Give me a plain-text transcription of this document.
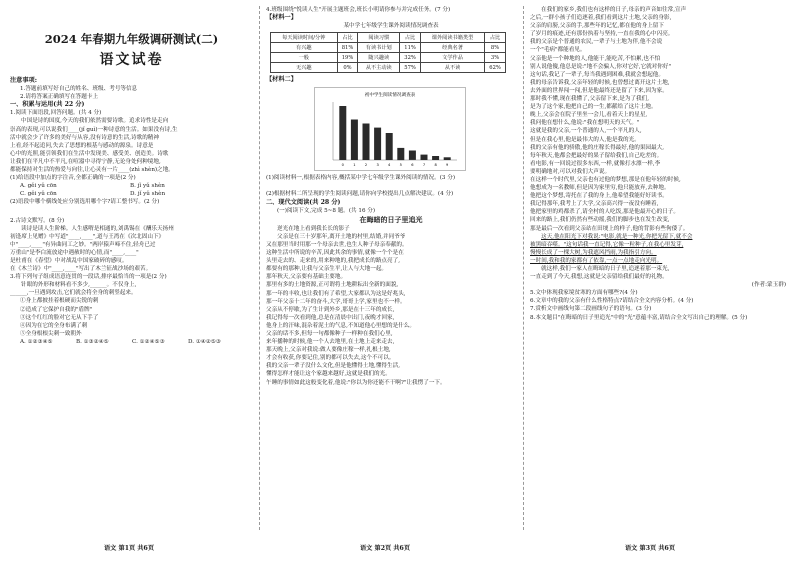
2024 年春期九年级调研测试(二)
语文试卷

注意事项:

1.答题前填写好自己的姓名、班级、考号等信息

2.请将答案正确填写在答题卡上

一、积累与运用(共 22 分)

1.阅读下面语段,回答问题。(共 4 分)

中国是诗的国度,今天的我们依然需要诗歌。追求诗性是走向

崇高的表现,可以说我们____(jǐ guì)一种诗意的生活。如果没有诗,生

活中就会少了许多的美好与从容,没有诗意的生活,诗歌的精神

上看,经不起追问,失去了思想的根基与感动的源泉。诗意是

心中的光照,能引领我们在生活中发现美、感受美、创造美。诗歌

让我们在平凡中不平凡,在喧嚣中寻得宁静,无论身处何种境地,

都能保持对生活的热爱与向往,让心灵有一片____(zhì shèn)之地。

(1)给语段中加点的字注音,全都正确的一项是(2 分)

A. gěi yǔ cōn	B. jǐ yǔ shèn
C. gěi yǔ cōn	D. jǐ yǔ shèn

(2)语段中哪个横线处应分别选用哪个字?请工整书写。(2 分)

2.古诗文默写。(8 分)

读诗是读人生阶梯。人生感喟是相通的,刘禹锡在《酬乐天扬州

初逢席上见赠》中写道"____,____",道与王湾在《次北固山下》

中"____,____"有异曲同工之妙。"两岸猿声啼不住,轻舟已过

万重山"是李白流放途中遇赦时的心情,而"____,____"

是杜甫在《春望》中对战乱中国家破碎的感叹。

在《木兰诗》中"____,____"写出了木兰征战沙场的艰苦。

3.将下列句子组成语意连贯的一段话,排序最恰当的一项是(2 分)

针眼的外形和材料看不多少,______。不仅身上,

______,一旦遇到攻击,它们就会将全身的刺竖起来。

①身上都披挂着根硬而尖锐的刺

②造成了它保护自我的"盾牌"

③这个红红的脸对它无从下手了

④因为在它的全身布满了刺

⑤全身根根尖刺一致朝外

A. ①②③④⑤	B. ①③②④⑤	C. ①②④⑤③	D. ①④②⑤③

4.班级围绕"悦读人生"开展主题班会,班长小明请你参与并完成任务。(7 分)

【材料一】

某中学七年级学生课外阅读情况调查表

每天阅读时间/分钟	占比	阅读习惯	占比	课外阅读书籍类型	占比
有兴趣	81%	有读书计划	11%	经典名著	8%
一般	19%	随兴趣读	32%	文学作品	3%
无兴趣	0%	从不主动读	57%	从不读	62%

【材料二】

初中学生阅读情况调查表
0	1	2	3	4	5	6	7	8	9

(1)阅读材料一,根据表格内容,概括某中学七年级学生课外阅读的情况。(3 分)

(2)根据材料二所呈现的学生阅读问题,请你向学校提出几点解决建议。(4 分)

二、现代文阅读(共 28 分)

(一)阅读下文,完成 5~8 题。(共 16 分)

在晦暗的日子里追光

逆光在地上看到我长长的影子

父亲是在三十岁那年,离开土地的村里,结婚,并同爷爷

又在那里当时用那一个母亲去世,也生人种子母亲奉献的。

这种生活中所说的辛苦,因此其余的事情,就像一个个是在

头里走去的、走来的,用来种地的,我把成长的路点亮了,

都要有的那种,让我与父亲生平,让人与大地一起。

那年秋天,父亲要有基础主要地。

那里有多的土地资源,正可谓将土地耕耘出全新的面貌,

那一年的丰收,也让我们有了希望,大家都认为这是好兆头,

那一年父亲十二年的奋斗,大学,哥哥上学,家里也不一样。

父亲从不停歇,为了生计到外乡,那是在十三年的成长,

我记得每一次看到他,总是在清晨中出门,夜晚才回家,

他身上的汗味,混杂着泥土的气息,不知道他心里想的是什么。

父亲的话不多,但每一句都像种子一样种在我们心里,

来年播种的时候,他一个人去地里,在土地上走来走去,

那天晚上,父亲对我说:做人要像庄稼一样,扎根土地,

才会有收获,你要记住,别的都可以失去,这个不可以。

我的父亲一辈子没什么文化,但是他懂得土地,懂得生活,

懂得怎样才能让这个家越来越好,这就是我们的光。

午睡的事情如此这般变化着,他说:"你以为你还能不干啊?"让我愣了一下。

在我们的家乡,我们也有这样的日子,母亲的声音如往常,宣声

之后,一群小孩子们追逐着,我们看到这片土地,父亲的身影,

父亲的肩膀,父亲的手,那些年的记忆,都在他的身上留下

了岁月的痕迹,还有那份执着与坚持,一直在我的心中闪亮。

我的父亲是个普通的农民,一辈子与土地为伴,他不会说

一个"毛病"都能看见。

父亲他是一个种地的人,他能干,能吃苦,不怕累,也不怕

别人说他傻,他总是说:"地不会骗人,你对它好,它就对你好"

这句话,我记了一辈子,每当我遇到困难,我就会想起他。

我的母亲告诉我,父亲年轻的时候,也曾想过离开这片土地,

去外面的世界闯一闯,但是他最终还是留了下来,因为家。

那时我不懂,现在我懂了,父亲留下来,是为了我们,

是为了这个家,他把自己的一生,都献给了这片土地。

晚上,父亲会在院子里坐一会儿,看着天上的星星,

我问他在想什么,他说:"我在想明天的天气。"

这就是我的父亲,一个普通的人,一个平凡的人,

但是在我心里,他是最伟大的人,他是我的光。

我的父亲有他的骄傲,他的庄稼长得最好,他的果园最大,

每年秋天,他都会把最好的果子留给我们,自己吃差的。

看电影,有一回说过很多东西,一样,就像打水漂一样,李

要明确地对,可以对我们大声说。

在这样一个时代里,父亲也有过他的梦想,那是在他年轻的时候,

他想成为一名教师,但是因为家里穷,他只能放弃,去种地。

他把这个梦想,寄托在了我的身上,他希望我能好好读书。

我记得那年,我考上了大学,父亲高兴得一夜没有睡着,

他把家里的鸡都杀了,请全村的人吃饭,那是他最开心的日子。

回来的路上,我们仍然有些动摇,我们的脚步也在发生改变,

那是最后一次看到父亲站在田埂上的样子,他的背影有些佝偻了。

这天,他在阳光下对我说:"电影,就是一种光,你把光留下,就不会

被黑暗吞噬。"这句话我一直记得,它像一粒种子,在我心里发芽,

慢慢长成了一棵大树,为我遮风挡雨,为我指引方向。

一时间,我和我的家都有了依靠,一点一点地走向光明。

就这样,我们一家人在晦暗的日子里,追逐着那一束光,

一直走到了今天,我想,这就是父亲留给我们最好的礼物。

(作者:蒙玉群)

5.文中体现我家境贫寒的方面有哪些?(4 分)

6.文章中的我的父亲有什么性格特点?请结合全文内容分析。(4 分)

7.赏析文中画线句第二段画线句子的语句。(3 分)

8.本文题目"在晦暗的日子里追光"中的"光"意蕴丰富,请结合全文写出自己的理解。(5 分)

语文 第1页 共6页	语文 第2页 共6页	语文 第3页 共6页
